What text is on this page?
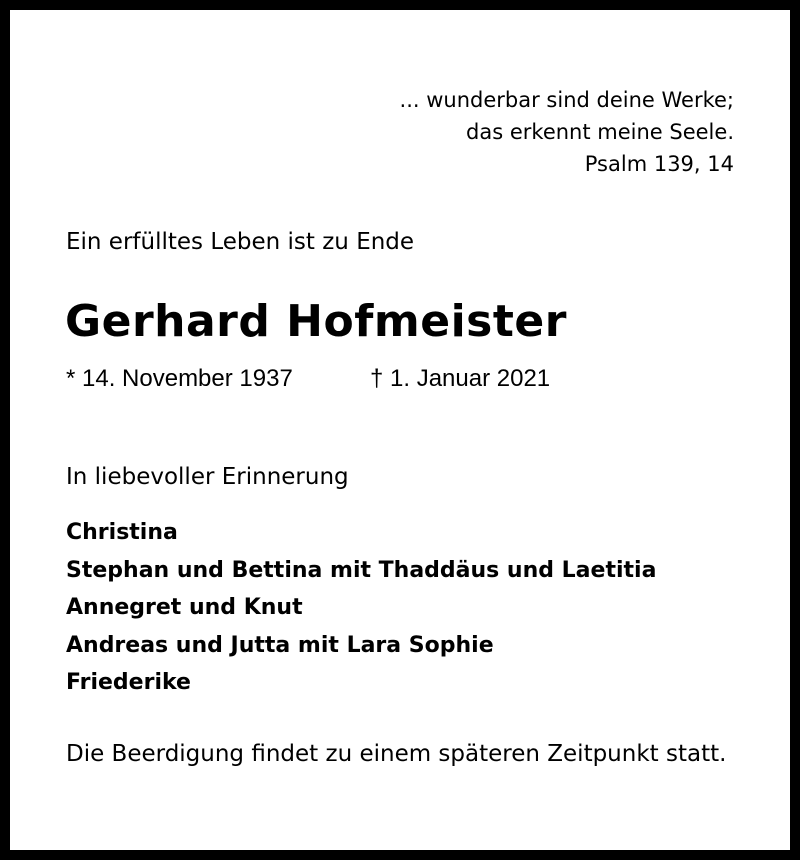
... wunderbar sind deine Werke;
das erkennt meine Seele.
Psalm 139, 14
Ein erfülltes Leben ist zu Ende
Gerhard Hofmeister
* 14. November 1937	† 1. Januar 2021
In liebevoller Erinnerung
Christina
Stephan und Bettina mit Thaddäus und Laetitia
Annegret und Knut
Andreas und Jutta mit Lara Sophie
Friederike
Die Beerdigung findet zu einem späteren Zeitpunkt statt.
